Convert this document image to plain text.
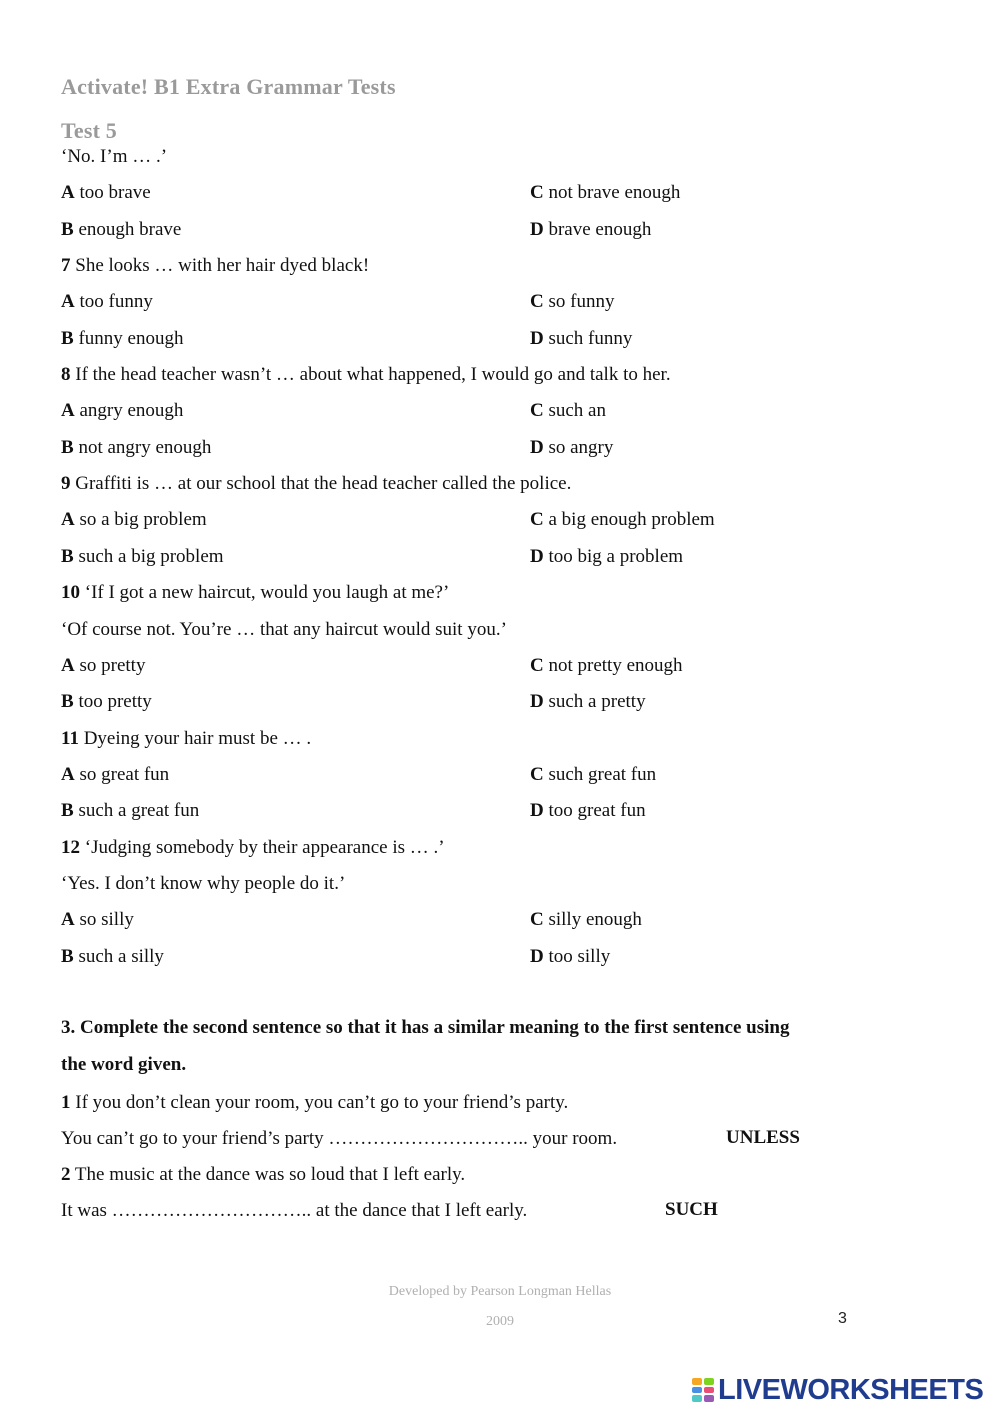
Activate! B1 Extra Grammar Tests
Test 5
‘No. I’m … .’
A too brave	C not brave enough
B enough brave	D brave enough
7 She looks … with her hair dyed black!
A too funny	C so funny
B funny enough	D such funny
8 If the head teacher wasn’t … about what happened, I would go and talk to her.
A angry enough	C such an
B not angry enough	D so angry
9 Graffiti is … at our school that the head teacher called the police.
A so a big problem	C a big enough problem
B such a big problem	D too big a problem
10 ‘If I got a new haircut, would you laugh at me?’
‘Of course not. You’re … that any haircut would suit you.’
A so pretty	C not pretty enough
B too pretty	D such a pretty
11 Dyeing your hair must be … .
A so great fun	C such great fun
B such a great fun	D too great fun
12 ‘Judging somebody by their appearance is … .’
‘Yes. I don’t know why people do it.’
A so silly	C silly enough
B such a silly	D too silly
3. Complete the second sentence so that it has a similar meaning to the first sentence using
the word given.
1 If you don’t clean your room, you can’t go to your friend’s party.
You can’t go to your friend’s party ………………………….. your room.	UNLESS
2 The music at the dance was so loud that I left early.
It was ………………………….. at the dance that I left early.	SUCH
Developed by Pearson Longman Hellas
2009	3
LIVEWORKSHEETS
